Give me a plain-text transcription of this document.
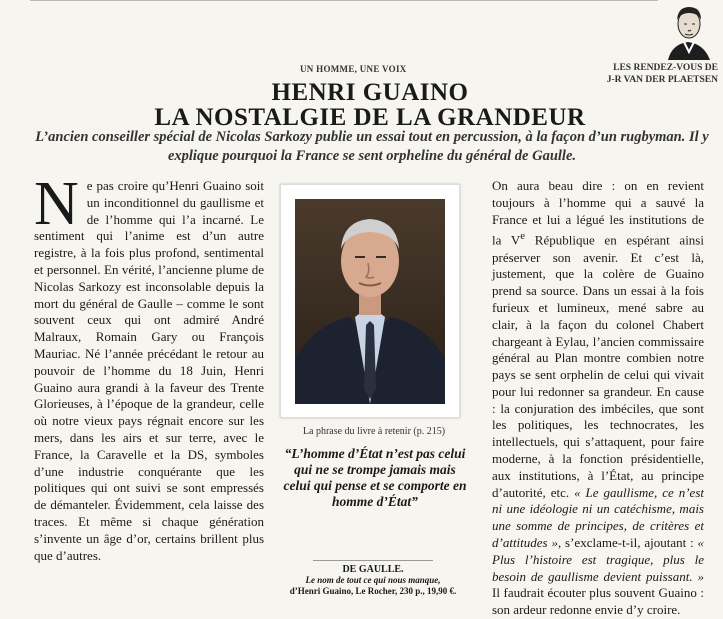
UN HOMME, UNE VOIX	LES RENDEZ-VOUS DE
J-R VAN DER PLAETSEN
HENRI GUAINO
LA NOSTALGIE DE LA GRANDEUR
L’ancien conseiller spécial de Nicolas Sarkozy publie un essai tout en percussion, à la façon d’un rugbyman. Il y explique pourquoi la France se sent orpheline du général de Gaulle.
N e pas croire qu’Henri Guaino soit un inconditionnel du gaullisme et de l’homme qui l’a incarné. Le sentiment qui l’anime est d’un autre registre, à la fois plus profond, sentimental et personnel. En vérité, l’ancienne plume de Nicolas Sarkozy est inconsolable depuis la mort du général de Gaulle – comme le sont souvent ceux qui ont admiré André Malraux, Romain Gary ou François Mauriac. Né l’année précédant le retour au pouvoir de l’homme du 18 Juin, Henri Guaino aura grandi à la faveur des Trente Glorieuses, à l’époque de la grandeur, celle où notre vieux pays régnait encore sur les mers, dans les airs et sur terre, avec le France, la Caravelle et la DS, symboles d’une industrie conquérante que les politiques qui ont suivi se sont empressés de démanteler. Évidemment, cela laisse des traces. Et même si chaque génération s’invente un âge d’or, certains brillent plus que d’autres.
La phrase du livre à retenir (p. 215)
“L’homme d’État n’est pas celui qui ne se trompe jamais mais celui qui pense et se comporte en homme d’État”
DE GAULLE.
Le nom de tout ce qui nous manque,
d’Henri Guaino, Le Rocher, 230 p., 19,90 €.
On aura beau dire : on en revient toujours à l’homme qui a sauvé la France et lui a légué les institutions de la Ve République en espérant ainsi préserver son avenir. Et c’est là, justement, que la colère de Guaino prend sa source. Dans un essai à la fois furieux et lumineux, mené sabre au clair, à la façon du colonel Chabert chargeant à Eylau, l’ancien commissaire général au Plan montre combien notre pays se sent orphelin de celui qui vivait pour lui redonner sa grandeur. En cause : la conjuration des imbéciles, que sont les politiques, les technocrates, les intellectuels, qui s’attaquent, pour faire moderne, à la fonction présidentielle, aux institutions, à l’État, au principe d’autorité, etc. « Le gaullisme, ce n’est ni une idéologie ni un catéchisme, mais une somme de principes, de critères et d’attitudes », s’exclame-t-il, ajoutant : « Plus l’histoire est tragique, plus le besoin de gaullisme devient puissant. » Il faudrait écouter plus souvent Guaino : son ardeur redonne envie d’y croire.
